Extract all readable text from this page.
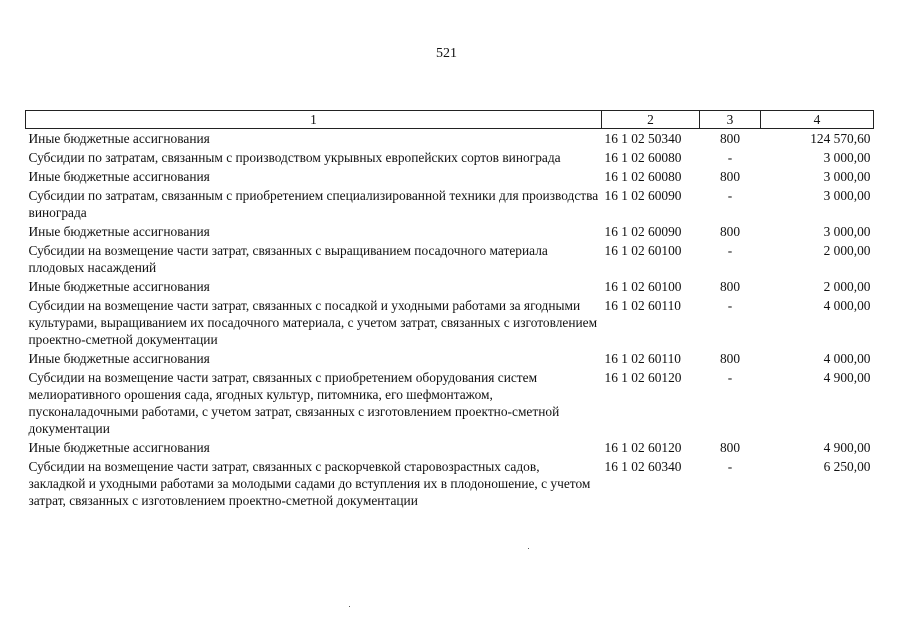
521
1	2	3	4
Иные бюджетные ассигнования	16 1 02 50340	800	124 570,60
Субсидии по затратам, связанным с производством укрывных европейских сортов винограда	16 1 02 60080	-	3 000,00
Иные бюджетные ассигнования	16 1 02 60080	800	3 000,00
Субсидии по затратам, связанным с приобретением специализированной техники для производства винограда	16 1 02 60090	-	3 000,00
Иные бюджетные ассигнования	16 1 02 60090	800	3 000,00
Субсидии на возмещение части затрат, связанных с выращиванием посадочного материала плодовых насаждений	16 1 02 60100	-	2 000,00
Иные бюджетные ассигнования	16 1 02 60100	800	2 000,00
Субсидии на возмещение части затрат, связанных с посадкой и уходными работами за ягодными культурами, выращиванием их посадочного материала, с учетом затрат, связанных с изготовлением проектно-сметной документации	16 1 02 60110	-	4 000,00
Иные бюджетные ассигнования	16 1 02 60110	800	4 000,00
Субсидии на возмещение части затрат, связанных с приобретением оборудования систем мелиоративного орошения сада, ягодных культур, питомника, его шефмонтажом, пусконаладочными работами, с учетом затрат, связанных с изготовлением проектно-сметной документации	16 1 02 60120	-	4 900,00
Иные бюджетные ассигнования	16 1 02 60120	800	4 900,00
Субсидии на возмещение части затрат, связанных с раскорчевкой старовозрастных садов, закладкой и уходными работами за молодыми садами до вступления их в плодоношение, с учетом затрат, связанных с изготовлением проектно-сметной документации	16 1 02 60340	-	6 250,00
